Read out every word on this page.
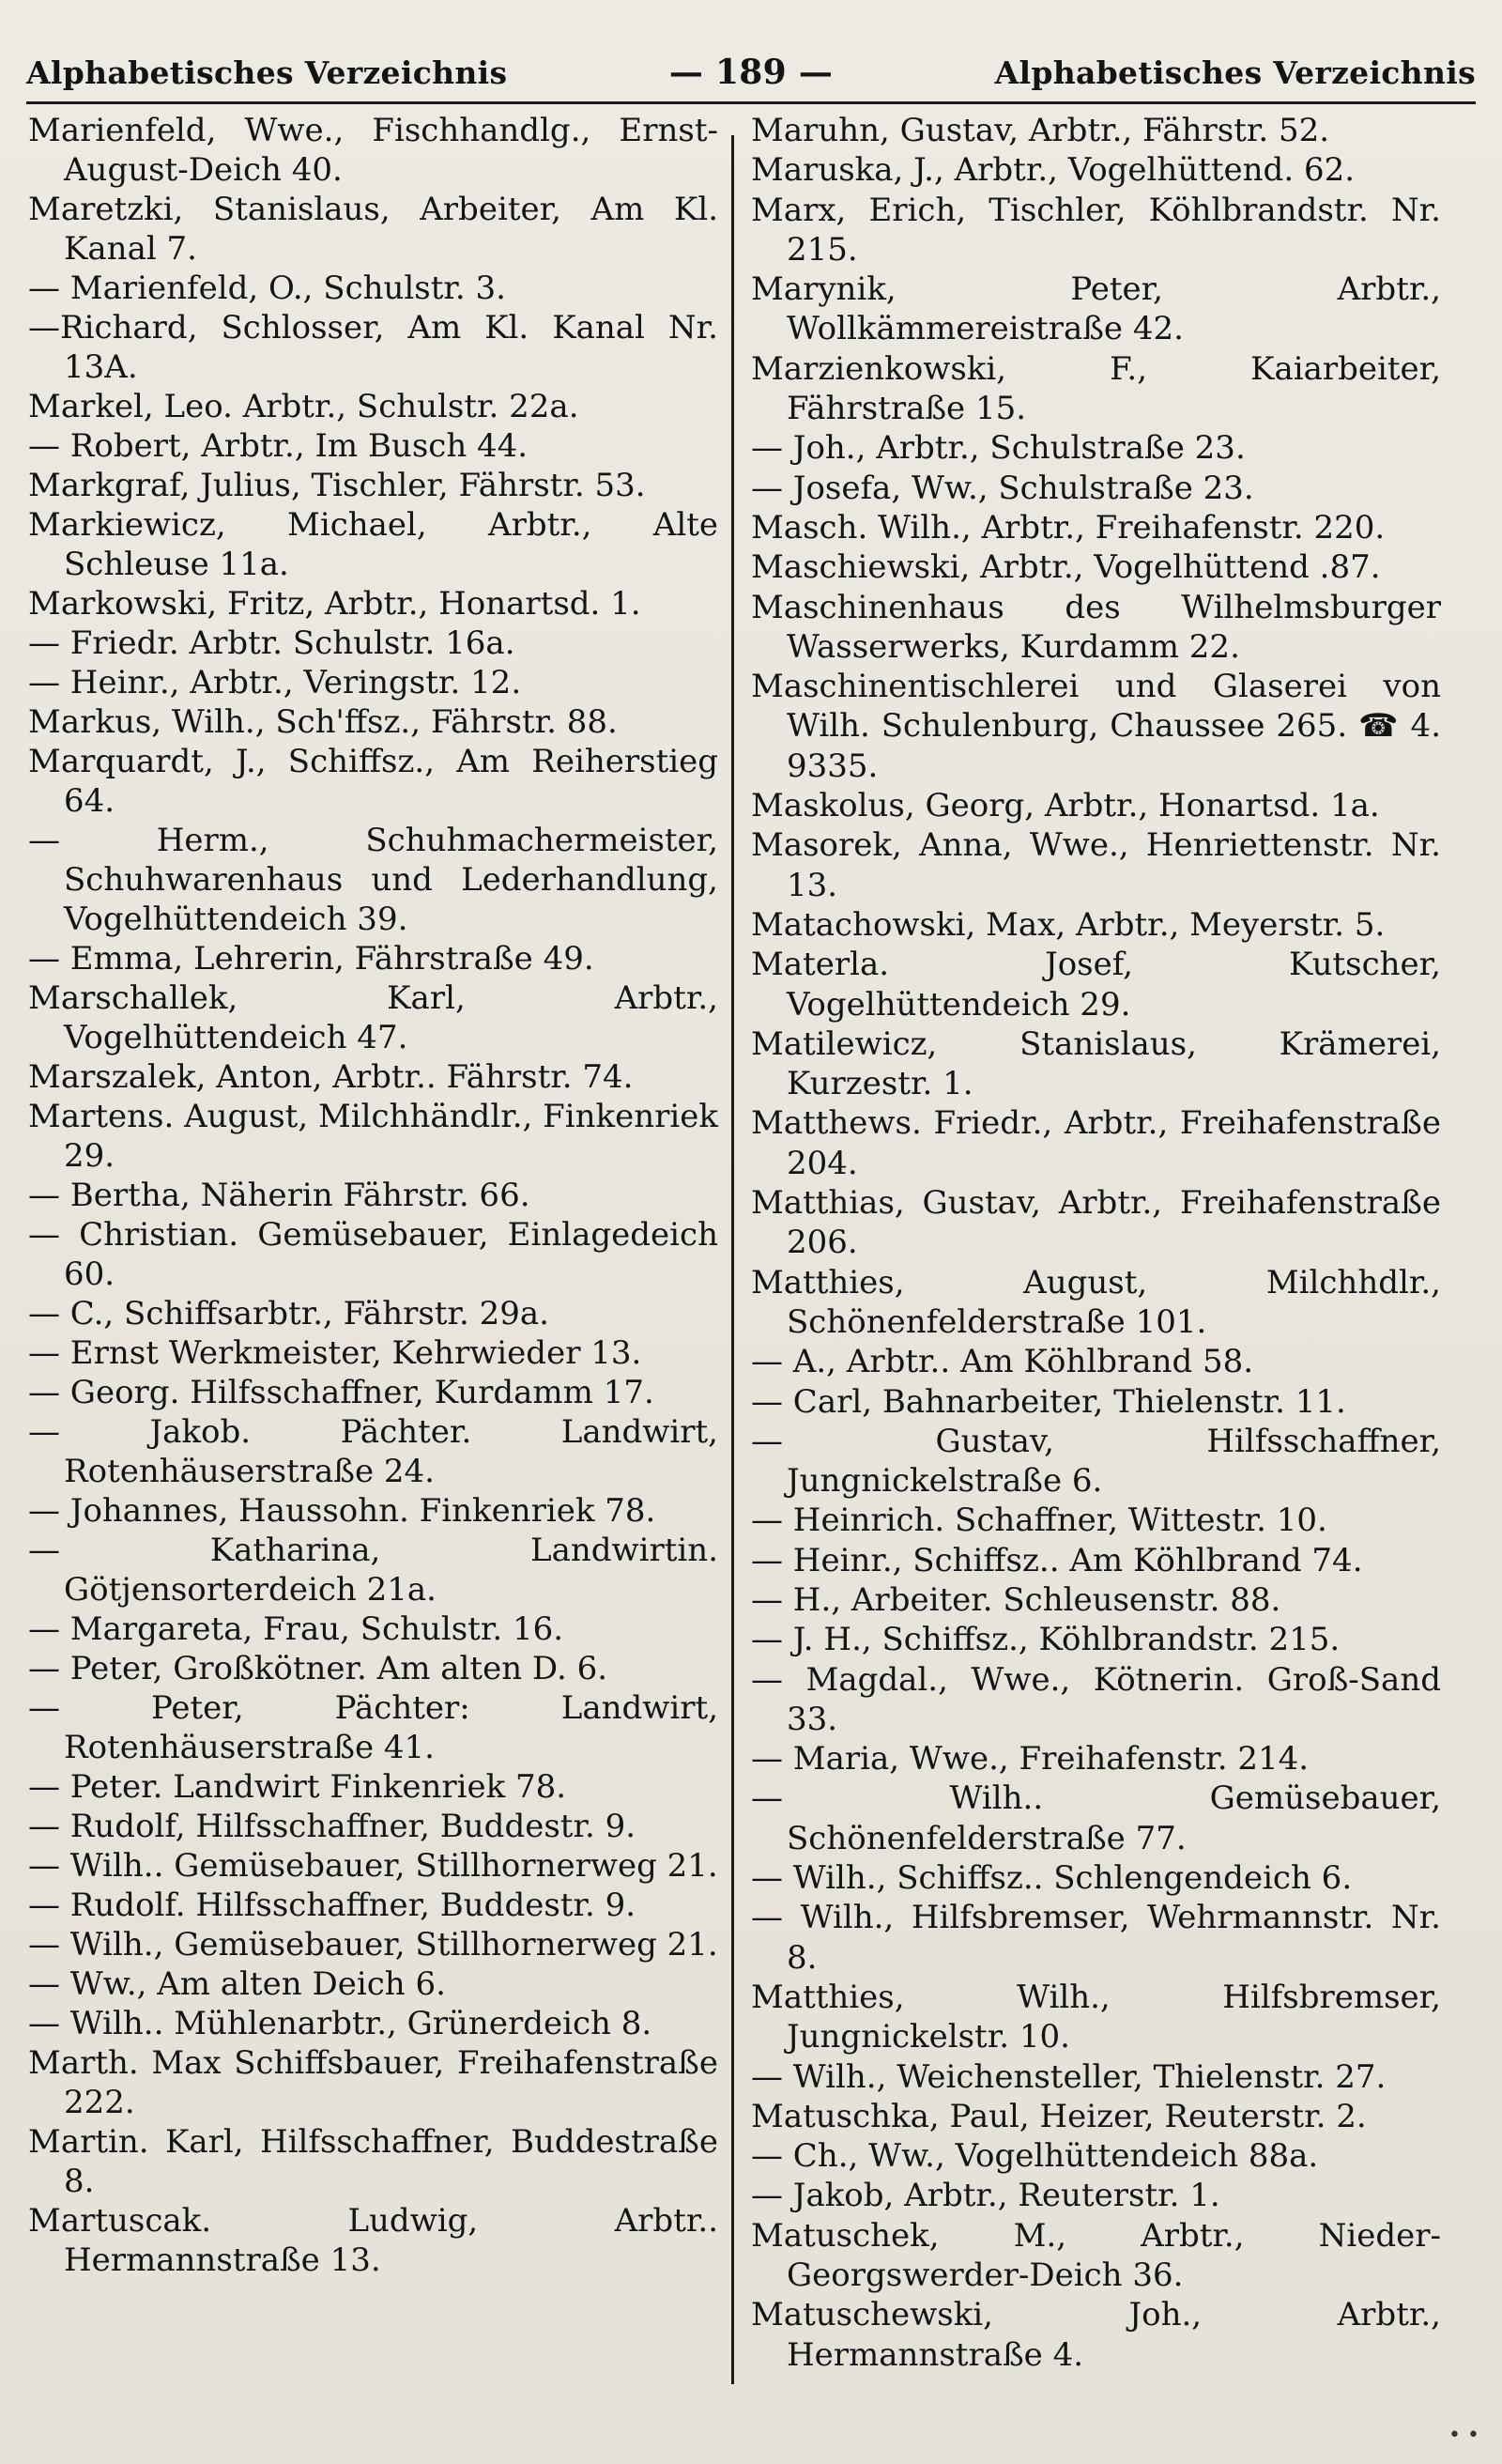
Alphabetisches Verzeichnis	— 189 —	Alphabetisches Verzeichnis

Marienfeld, Wwe., Fischhandlg., Ernst-August-Deich 40.

Maretzki, Stanislaus, Arbeiter, Am Kl. Kanal 7.

— Marienfeld, O., Schulstr. 3.

—Richard, Schlosser, Am Kl. Kanal Nr. 13A.

Markel, Leo. Arbtr., Schulstr. 22a.

— Robert, Arbtr., Im Busch 44.

Markgraf, Julius, Tischler, Fährstr. 53.

Markiewicz, Michael, Arbtr., Alte Schleuse 11a.

Markowski, Fritz, Arbtr., Honartsd. 1.

— Friedr. Arbtr. Schulstr. 16a.

— Heinr., Arbtr., Veringstr. 12.

Markus, Wilh., Sch'ffsz., Fährstr. 88.

Marquardt, J., Schiffsz., Am Reiherstieg 64.

— Herm., Schuhmachermeister, Schuhwarenhaus und Lederhandlung, Vogelhüttendeich 39.

— Emma, Lehrerin, Fährstraße 49.

Marschallek, Karl, Arbtr., Vogelhüttendeich 47.

Marszalek, Anton, Arbtr.. Fährstr. 74.

Martens. August, Milchhändlr., Finkenriek 29.

— Bertha, Näherin Fährstr. 66.

— Christian. Gemüsebauer, Einlagedeich 60.

— C., Schiffsarbtr., Fährstr. 29a.

— Ernst Werkmeister, Kehrwieder 13.

— Georg. Hilfsschaffner, Kurdamm 17.

— Jakob. Pächter. Landwirt, Rotenhäuserstraße 24.

— Johannes, Haussohn. Finkenriek 78.

— Katharina, Landwirtin. Götjensorterdeich 21a.

— Margareta, Frau, Schulstr. 16.

— Peter, Großkötner. Am alten D. 6.

— Peter, Pächter: Landwirt, Rotenhäuserstraße 41.

— Peter. Landwirt Finkenriek 78.

— Rudolf, Hilfsschaffner, Buddestr. 9.

— Wilh.. Gemüsebauer, Stillhornerweg 21.

— Rudolf. Hilfsschaffner, Buddestr. 9.

— Wilh., Gemüsebauer, Stillhornerweg 21.

— Ww., Am alten Deich 6.

— Wilh.. Mühlenarbtr., Grünerdeich 8.

Marth. Max Schiffsbauer, Freihafenstraße 222.

Martin. Karl, Hilfsschaffner, Buddestraße 8.

Martuscak. Ludwig, Arbtr.. Hermannstraße 13.

Maruhn, Gustav, Arbtr., Fährstr. 52.

Maruska, J., Arbtr., Vogelhüttend. 62.

Marx, Erich, Tischler, Köhlbrandstr. Nr. 215.

Marynik, Peter, Arbtr., Wollkämmereistraße 42.

Marzienkowski, F., Kaiarbeiter, Fährstraße 15.

— Joh., Arbtr., Schulstraße 23.

— Josefa, Ww., Schulstraße 23.

Masch. Wilh., Arbtr., Freihafenstr. 220.

Maschiewski, Arbtr., Vogelhüttend .87.

Maschinenhaus des Wilhelmsburger Wasserwerks, Kurdamm 22.

Maschinentischlerei und Glaserei von Wilh. Schulenburg, Chaussee 265. ☎ 4. 9335.

Maskolus, Georg, Arbtr., Honartsd. 1a.

Masorek, Anna, Wwe., Henriettenstr. Nr. 13.

Matachowski, Max, Arbtr., Meyerstr. 5.

Materla. Josef, Kutscher, Vogelhüttendeich 29.

Matilewicz, Stanislaus, Krämerei, Kurzestr. 1.

Matthews. Friedr., Arbtr., Freihafenstraße 204.

Matthias, Gustav, Arbtr., Freihafenstraße 206.

Matthies, August, Milchhdlr., Schönenfelderstraße 101.

— A., Arbtr.. Am Köhlbrand 58.

— Carl, Bahnarbeiter, Thielenstr. 11.

— Gustav, Hilfsschaffner, Jungnickelstraße 6.

— Heinrich. Schaffner, Wittestr. 10.

— Heinr., Schiffsz.. Am Köhlbrand 74.

— H., Arbeiter. Schleusenstr. 88.

— J. H., Schiffsz., Köhlbrandstr. 215.

— Magdal., Wwe., Kötnerin. Groß-Sand 33.

— Maria, Wwe., Freihafenstr. 214.

— Wilh.. Gemüsebauer, Schönenfelderstraße 77.

— Wilh., Schiffsz.. Schlengendeich 6.

— Wilh., Hilfsbremser, Wehrmannstr. Nr. 8.

Matthies, Wilh., Hilfsbremser, Jungnickelstr. 10.

— Wilh., Weichensteller, Thielenstr. 27.

Matuschka, Paul, Heizer, Reuterstr. 2.

— Ch., Ww., Vogelhüttendeich 88a.

— Jakob, Arbtr., Reuterstr. 1.

Matuschek, M., Arbtr., Nieder-Georgswerder-Deich 36.

Matuschewski, Joh., Arbtr., Hermannstraße 4.

• •
